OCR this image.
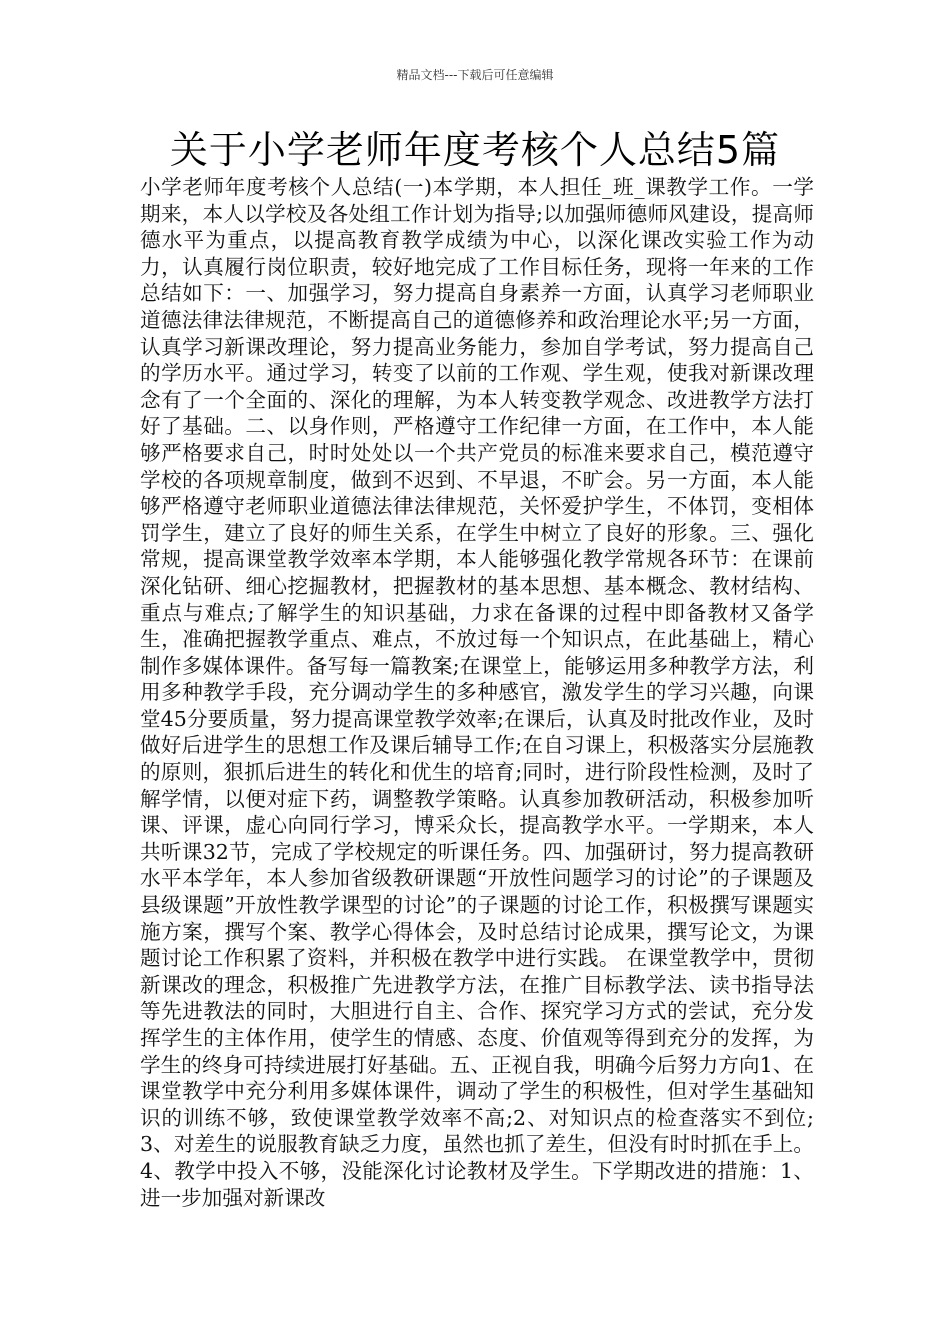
精品文档---下载后可任意编辑
关于小学老师年度考核个人总结5篇

小学老师年度考核个人总结(一)本学期，本人担任_班_课教学工作。一学期来，本人以学校及各处组工作计划为指导;以加强师德师风建设，提高师德水平为重点，以提高教育教学成绩为中心，以深化课改实验工作为动力，认真履行岗位职责，较好地完成了工作目标任务，现将一年来的工作总结如下：一、加强学习，努力提高自身素养一方面，认真学习老师职业道德法律法律规范，不断提高自己的道德修养和政治理论水平;另一方面，认真学习新课改理论，努力提高业务能力，参加自学考试，努力提高自己的学历水平。通过学习，转变了以前的工作观、学生观，使我对新课改理念有了一个全面的、深化的理解，为本人转变教学观念、改进教学方法打好了基础。二、以身作则，严格遵守工作纪律一方面，在工作中，本人能够严格要求自己，时时处处以一个共产党员的标准来要求自己，模范遵守学校的各项规章制度，做到不迟到、不早退，不旷会。另一方面，本人能够严格遵守老师职业道德法律法律规范，关怀爱护学生，不体罚，变相体罚学生，建立了良好的师生关系，在学生中树立了良好的形象。三、强化常规，提高课堂教学效率本学期，本人能够强化教学常规各环节：在课前深化钻研、细心挖掘教材，把握教材的基本思想、基本概念、教材结构、重点与难点;了解学生的知识基础，力求在备课的过程中即备教材又备学生，准确把握教学重点、难点，不放过每一个知识点，在此基础上，精心制作多媒体课件。备写每一篇教案;在课堂上，能够运用多种教学方法，利用多种教学手段，充分调动学生的多种感官，激发学生的学习兴趣，向课堂45分要质量，努力提高课堂教学效率;在课后，认真及时批改作业，及时做好后进学生的思想工作及课后辅导工作;在自习课上，积极落实分层施教的原则，狠抓后进生的转化和优生的培育;同时，进行阶段性检测，及时了解学情，以便对症下药，调整教学策略。认真参加教研活动，积极参加听课、评课，虚心向同行学习，博采众长，提高教学水平。一学期来，本人共听课32节，完成了学校规定的听课任务。四、加强研讨，努力提高教研水平本学年，本人参加省级教研课题“开放性问题学习的讨论”的子课题及县级课题”开放性教学课型的讨论”的子课题的讨论工作，积极撰写课题实施方案，撰写个案、教学心得体会，及时总结讨论成果，撰写论文，为课题讨论工作积累了资料，并积极在教学中进行实践。 在课堂教学中，贯彻新课改的理念，积极推广先进教学方法，在推广目标教学法、读书指导法等先进教法的同时，大胆进行自主、合作、探究学习方式的尝试，充分发挥学生的主体作用，使学生的情感、态度、价值观等得到充分的发挥，为学生的终身可持续进展打好基础。五、正视自我，明确今后努力方向1、在课堂教学中充分利用多媒体课件，调动了学生的积极性，但对学生基础知识的训练不够，致使课堂教学效率不高;2、对知识点的检查落实不到位;3、对差生的说服教育缺乏力度，虽然也抓了差生，但没有时时抓在手上。4、教学中投入不够，没能深化讨论教材及学生。下学期改进的措施：1、进一步加强对新课改
